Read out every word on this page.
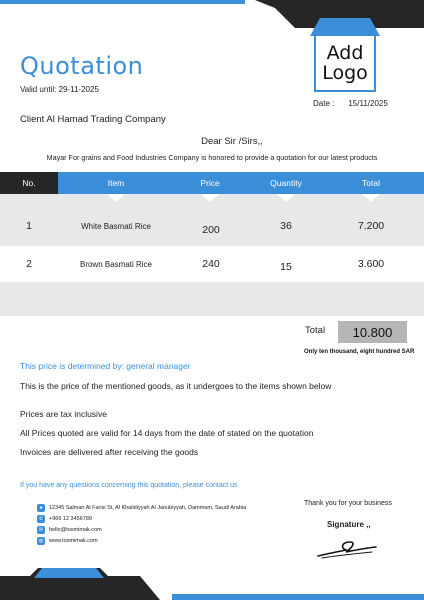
Add
Logo
Quotation
Valid until: 29-11-2025
Date : 15/11/2025
Client Al Hamad Trading Company
Dear Sir /Sirs,,
Mayar For grains and Food Industries Company is honored to provide a quotation for our latest products
No.	Item	Price	Quantity	Total
1	White Basmati Rice	200	36	7.200
2	Brown Basmati Rice	240	15	3.600
Total	10.800
Only ten thousand, eight hundred SAR
This price is determined by: general manager
This is the price of the mentioned goods, as it undergoes to the items shown below
Prices are tax inclusive
All Prices quoted are valid for 14 days from the date of stated on the quotation
Invoices are delivered after receiving the goods
If you have any questions concerning this quotation, please contact us
●	12345 Salman Al Farisi St, Al Khalidiyyah Al Janubiyyah, Dammam, Saudi Arabia
✆	+966 12 3456789
✉	hello@tosmimak.com
◍	www.tosmimak.com
Thank you for your business
Signature ,,
